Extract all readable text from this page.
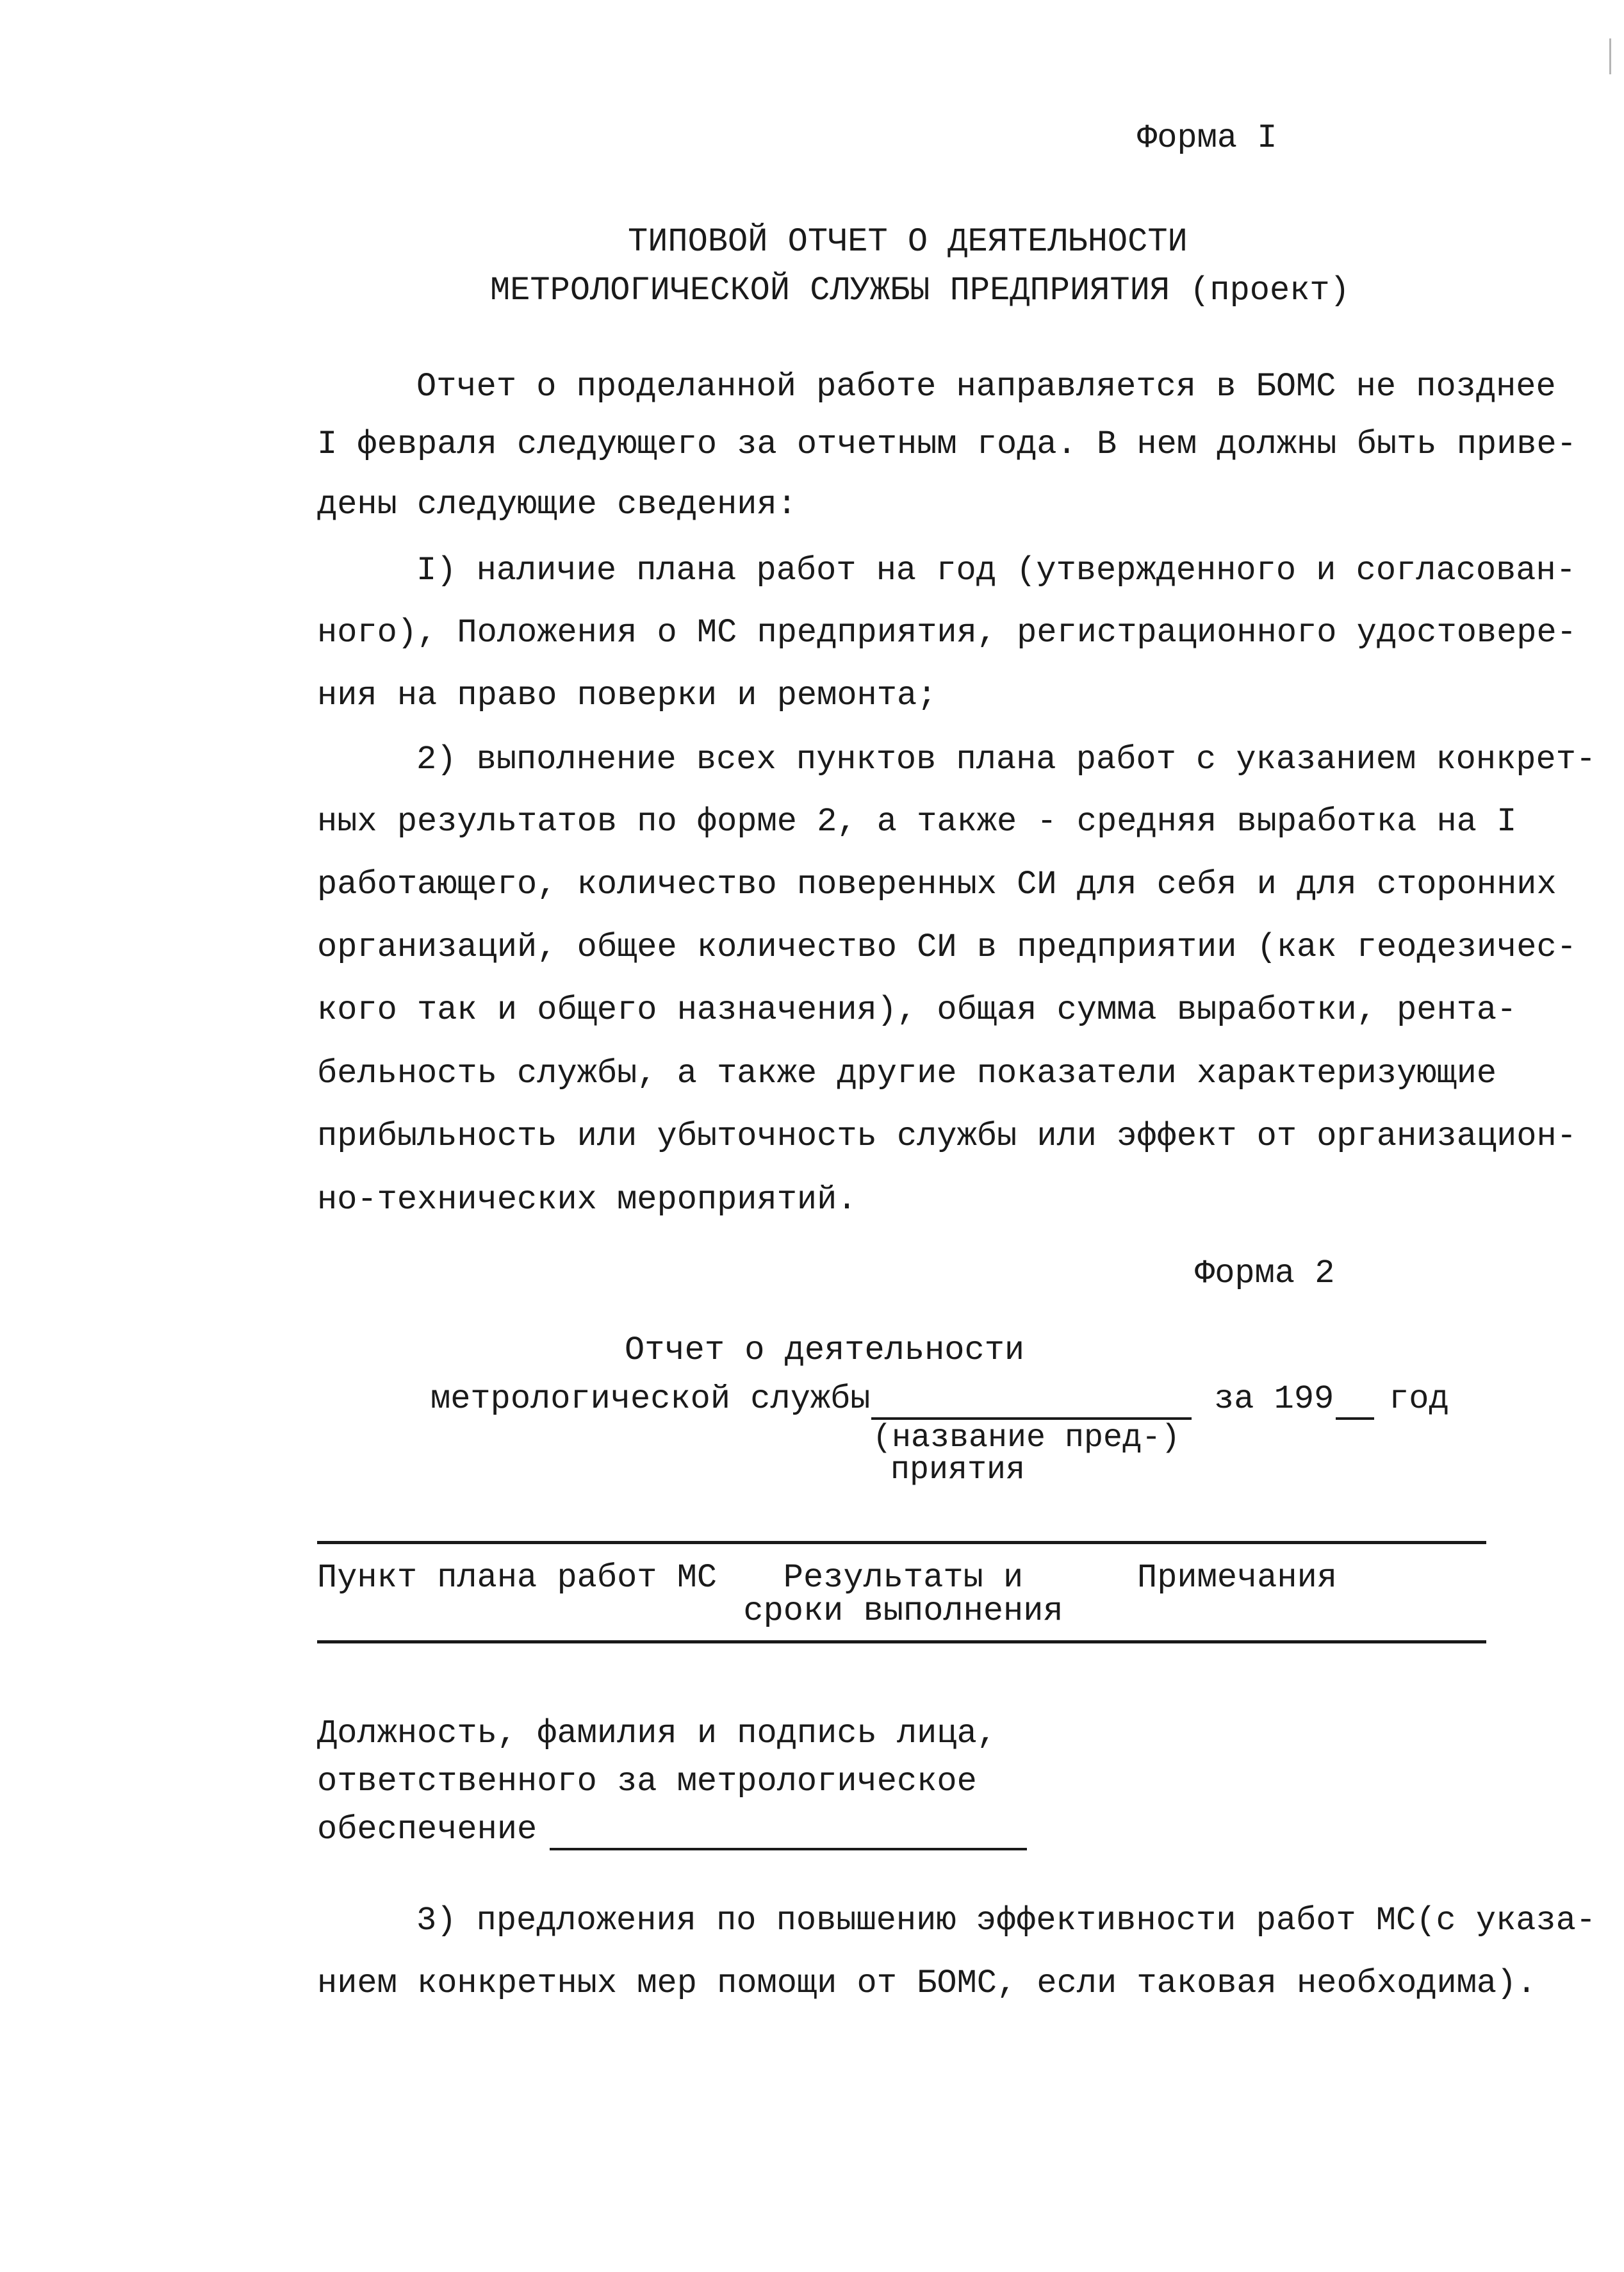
Форма I
ТИПОВОЙ ОТЧЕТ О ДЕЯТЕЛЬНОСТИ
МЕТРОЛОГИЧЕСКОЙ СЛУЖБЫ ПРЕДПРИЯТИЯ (проект)
Отчет о проделанной работе направляется в БОМС не позднее
I февраля следующего за отчетным года. В нем должны быть приве-
дены следующие сведения:
I) наличие плана работ на год (утвержденного и согласован-
ного), Положения о МС предприятия, регистрационного удостовере-
ния на право поверки и ремонта;
2) выполнение всех пунктов плана работ с указанием конкрет-
ных результатов по форме 2, а также - средняя выработка на I
работающего, количество поверенных СИ для себя и для сторонних
организаций, общее количество СИ в предприятии (как геодезичес-
кого так и общего назначения), общая сумма выработки, рента-
бельность службы, а также другие показатели характеризующие
прибыльность или убыточность службы или эффект от организацион-
но-технических мероприятий.
Форма 2
Отчет о деятельности
метрологической службы	за 199 год
(название пред-)
приятия
Пункт плана работ МС	Результаты и
сроки выполнения
Примечания
Должность, фамилия и подпись лица,
ответственного за метрологическое
обеспечение
3) предложения по повышению эффективности работ МС(с указа-
нием конкретных мер помощи от БОМС, если таковая необходима).
